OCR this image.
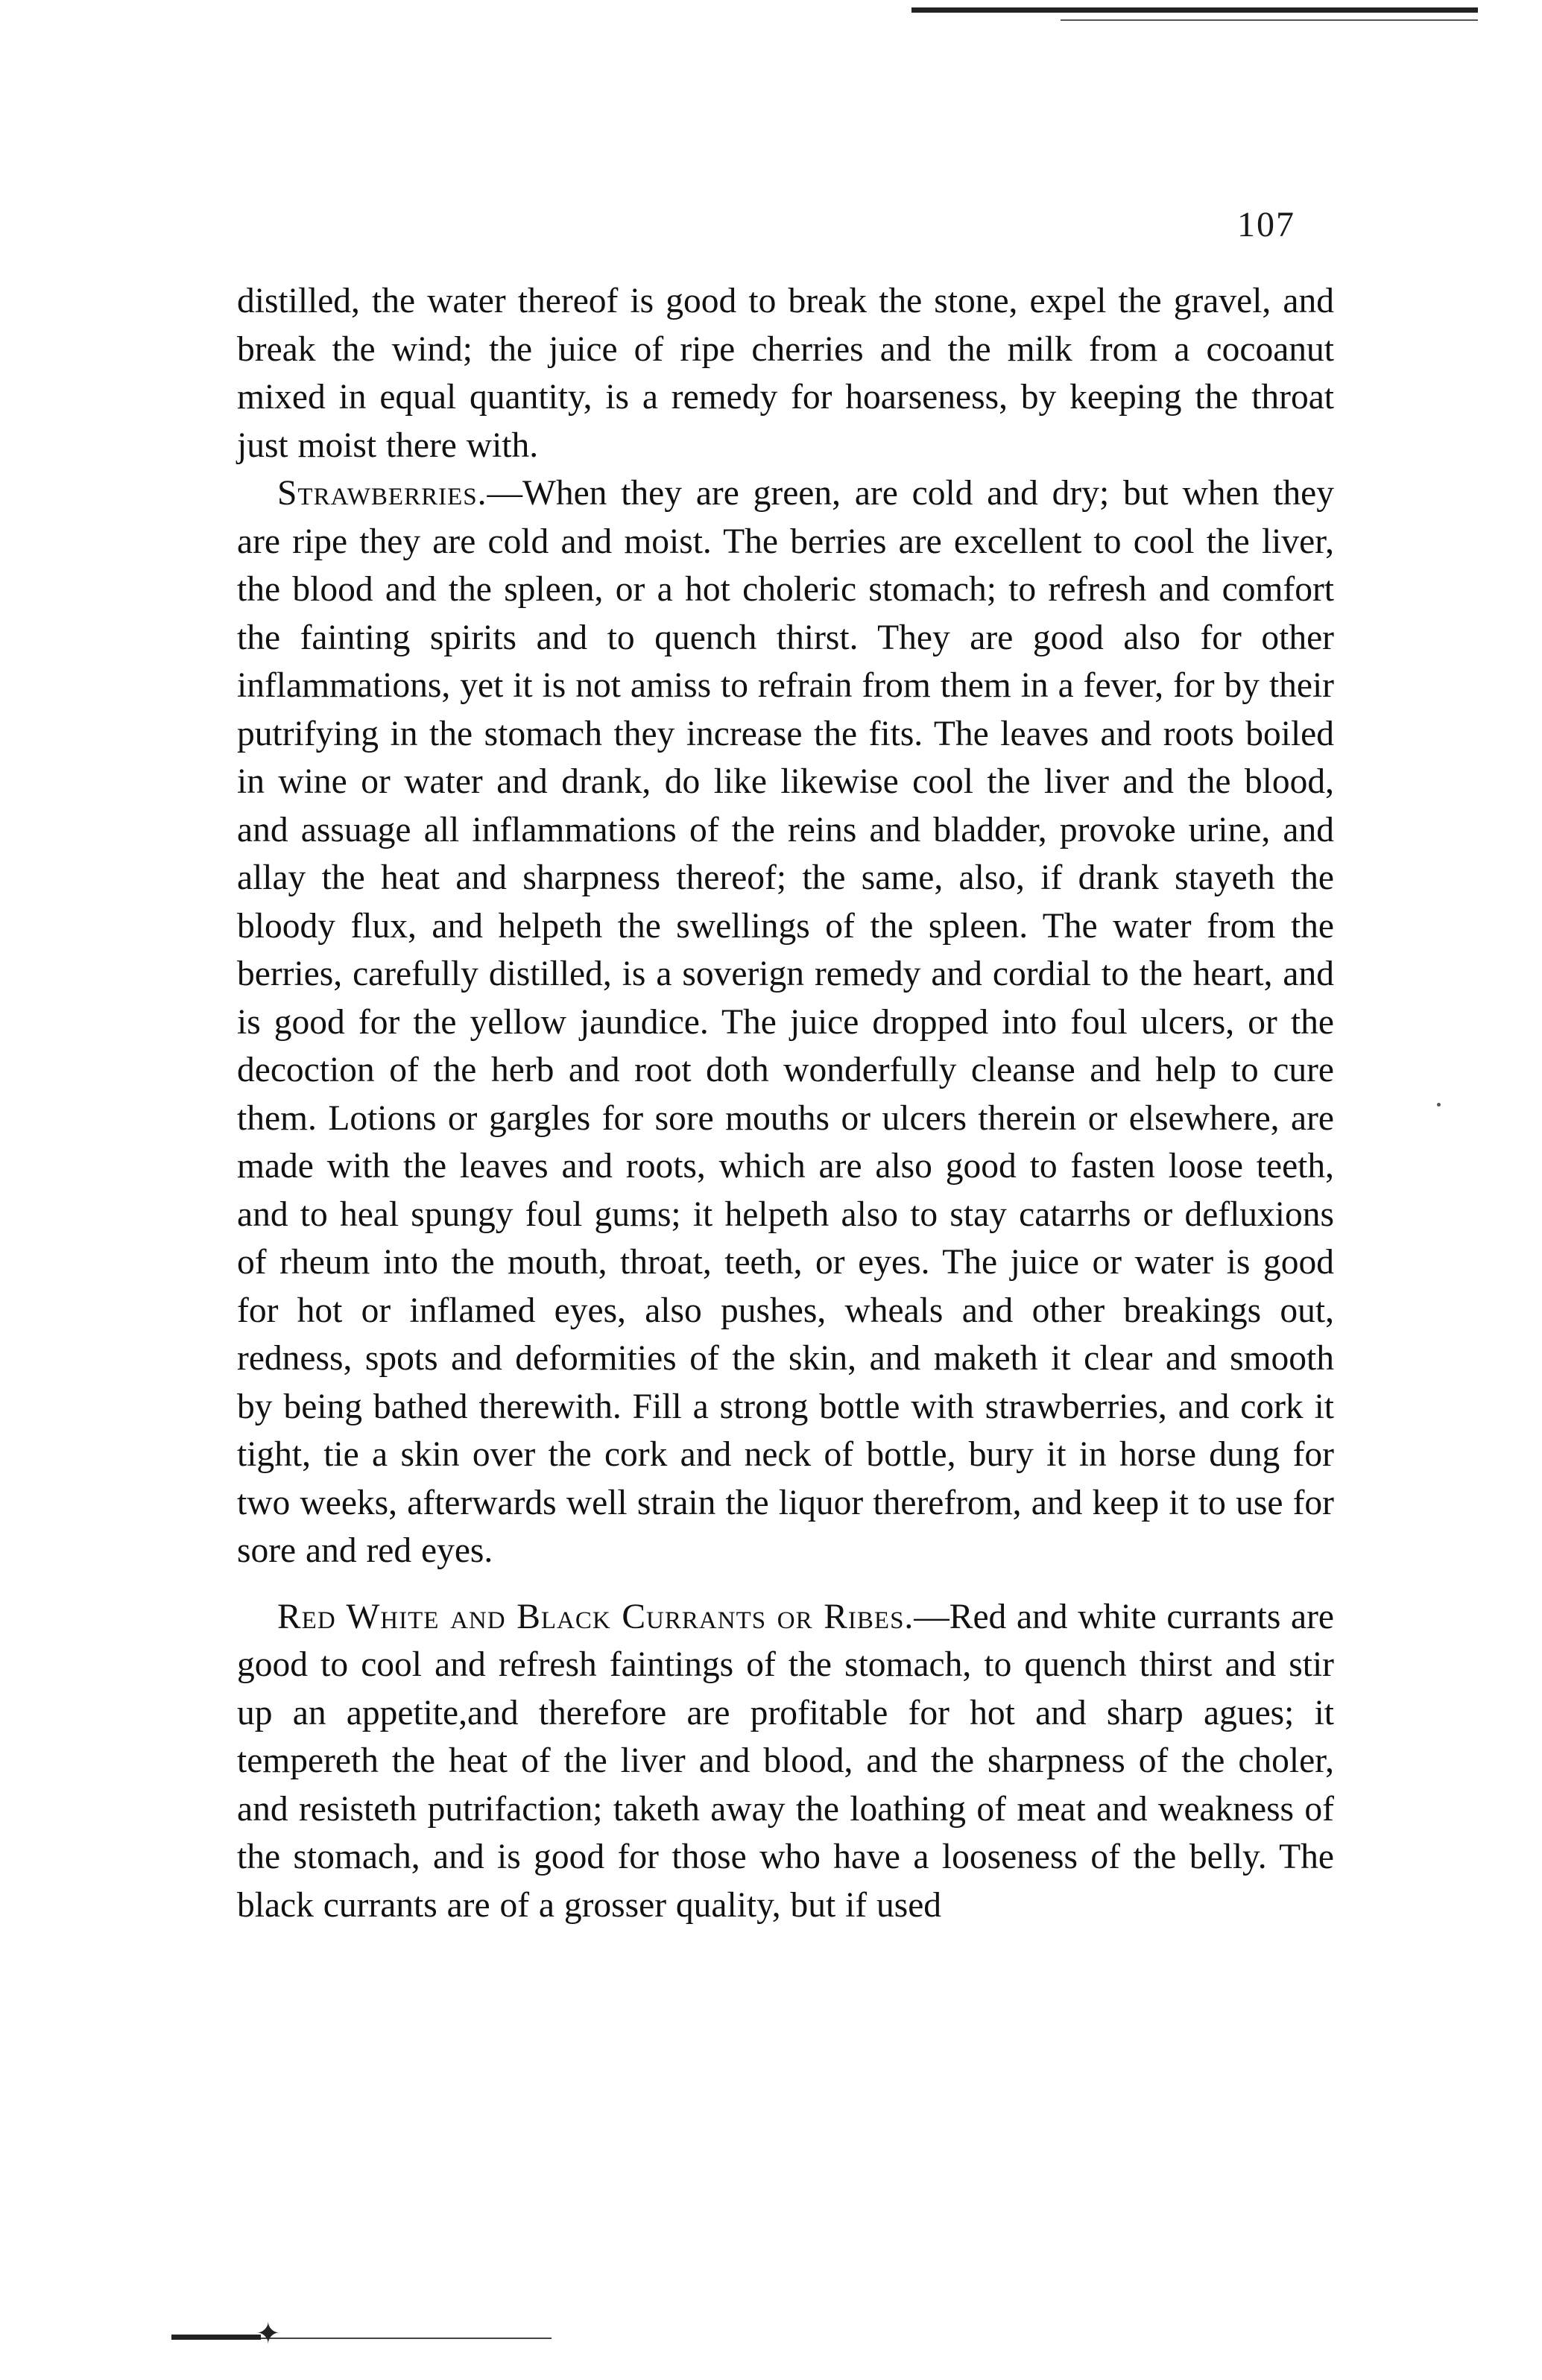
107

distilled, the water thereof is good to break the stone, expel the gravel, and break the wind; the juice of ripe cherries and the milk from a cocoanut mixed in equal quantity, is a remedy for hoarseness, by keeping the throat just moist there with.

Strawberries.—When they are green, are cold and dry; but when they are ripe they are cold and moist. The berries are excellent to cool the liver, the blood and the spleen, or a hot choleric stomach; to refresh and comfort the fainting spirits and to quench thirst. They are good also for other inflammations, yet it is not amiss to refrain from them in a fever, for by their putrifying in the stomach they increase the fits. The leaves and roots boiled in wine or water and drank, do like likewise cool the liver and the blood, and assuage all inflammations of the reins and bladder, provoke urine, and allay the heat and sharpness thereof; the same, also, if drank stayeth the bloody flux, and helpeth the swellings of the spleen. The water from the berries, carefully distilled, is a soverign remedy and cordial to the heart, and is good for the yellow jaundice. The juice dropped into foul ulcers, or the decoction of the herb and root doth wonderfully cleanse and help to cure them. Lotions or gargles for sore mouths or ulcers therein or elsewhere, are made with the leaves and roots, which are also good to fasten loose teeth, and to heal spungy foul gums; it helpeth also to stay catarrhs or defluxions of rheum into the mouth, throat, teeth, or eyes. The juice or water is good for hot or inflamed eyes, also pushes, wheals and other breakings out, redness, spots and deformities of the skin, and maketh it clear and smooth by being bathed therewith. Fill a strong bottle with strawberries, and cork it tight, tie a skin over the cork and neck of bottle, bury it in horse dung for two weeks, afterwards well strain the liquor therefrom, and keep it to use for sore and red eyes.

Red White and Black Currants or Ribes.—Red and white currants are good to cool and refresh faintings of the stomach, to quench thirst and stir up an appetite,and therefore are profitable for hot and sharp agues; it tempereth the heat of the liver and blood, and the sharpness of the choler, and resisteth putrifaction; taketh away the loathing of meat and weakness of the stomach, and is good for those who have a looseness of the belly. The black currants are of a grosser quality, but if used

✦
